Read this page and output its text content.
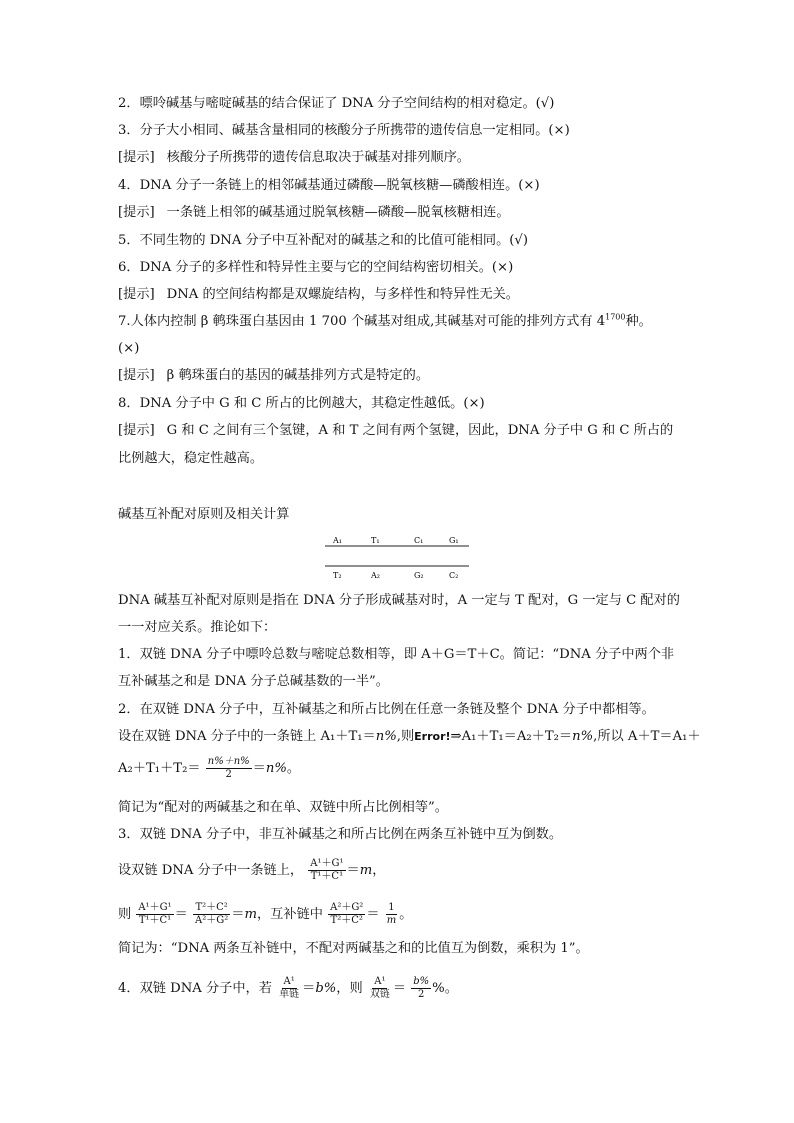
2．嘌呤碱基与嘧啶碱基的结合保证了 DNA 分子空间结构的相对稳定。(√)
3．分子大小相同、碱基含量相同的核酸分子所携带的遗传信息一定相同。(×)
[提示] 核酸分子所携带的遗传信息取决于碱基对排列顺序。
4．DNA 分子一条链上的相邻碱基通过磷酸—脱氧核糖—磷酸相连。(×)
[提示] 一条链上相邻的碱基通过脱氧核糖—磷酸—脱氧核糖相连。
5．不同生物的 DNA 分子中互补配对的碱基之和的比值可能相同。(√)
6．DNA 分子的多样性和特异性主要与它的空间结构密切相关。(×)
[提示] DNA 的空间结构都是双螺旋结构，与多样性和特异性无关。
7.人体内控制 β 鹌珠蛋白基因由 1 700 个碱基对组成,其碱基对可能的排列方式有 $4^{1700}$种。
(×)
[提示] β 鹌珠蛋白的基因的碱基排列方式是特定的。
8．DNA 分子中 G 和 C 所占的比例越大，其稳定性越低。(×)
[提示] G 和 C 之间有三个氢键，A 和 T 之间有两个氢键，因此，DNA 分子中 G 和 C 所占的
比例越大，稳定性越高。
碱基互补配对原则及相关计算
A₁	T₁	C₁	G₁
T₂	A₂	G₂	C₂
DNA 碱基互补配对原则是指在 DNA 分子形成碱基对时，A 一定与 T 配对，G 一定与 C 配对的
一一对应关系。推论如下：
1．双链 DNA 分子中嘌呤总数与嘧啶总数相等，即 A＋G＝T＋C。简记：“DNA 分子中两个非
互补碱基之和是 DNA 分子总碱基数的一半”。
2．在双链 DNA 分子中，互补碱基之和所占比例在任意一条链及整个 DNA 分子中都相等。
设在双链 DNA 分子中的一条链上 A₁＋T₁＝n%,则Error!⇒A₁＋T₁＝A₂＋T₂＝n%,所以 A＋T＝A₁＋
$A_2+T_1+T_2= \frac{n\%+n\%}{2} =n\%$。
简记为“配对的两碱基之和在单、双链中所占比例相等”。
3．双链 DNA 分子中，非互补碱基之和所占比例在两条互补链中互为倒数。
设双链 DNA 分子中一条链上， $\frac{\text{A¹＋G¹}}{\text{T¹＋C¹}} =m$，
则 $\frac{\text{A¹＋G¹}}{\text{T¹＋C¹}} = \frac{\text{T²＋C²}}{\text{A²＋G²}} =m$，互补链中 $\frac{\text{A²＋G²}}{\text{T²＋C²}} = \frac{1}{m}$ 。
简记为：“DNA 两条互补链中，不配对两碱基之和的比值互为倒数，乘积为 1”。
4．双链 DNA 分子中，若 $\frac{\text{A¹}}{\text{单链}} =b\%$，则 $\frac{\text{A¹}}{\text{双链}} = \frac{b\%}{2}$ %。
